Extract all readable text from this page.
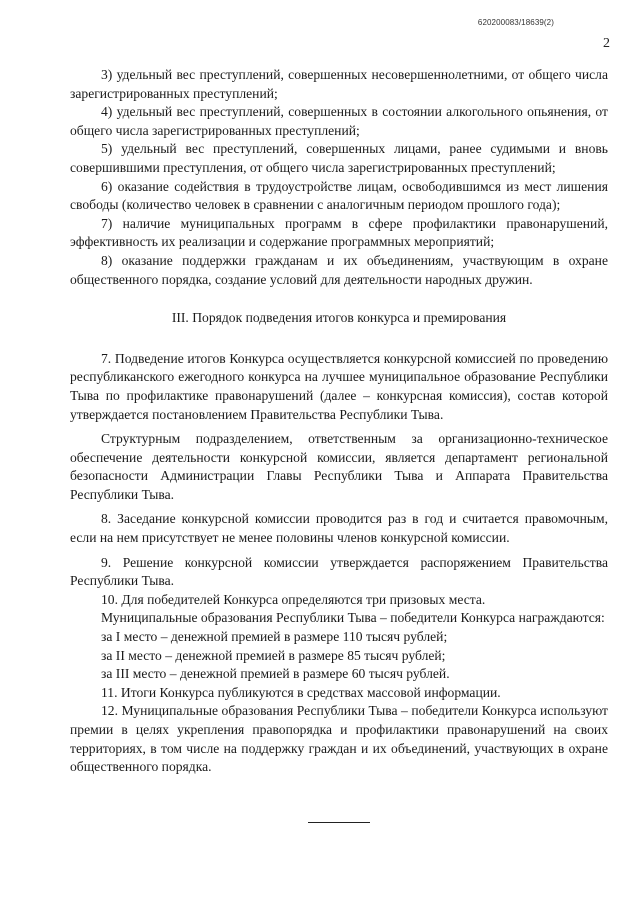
620200083/18639(2)
2

3) удельный вес преступлений, совершенных несовершеннолетними, от общего числа зарегистрированных преступлений;

4) удельный вес преступлений, совершенных в состоянии алкогольного опьянения, от общего числа зарегистрированных преступлений;

5) удельный вес преступлений, совершенных лицами, ранее судимыми и вновь совершившими преступления, от общего числа зарегистрированных преступлений;

6) оказание содействия в трудоустройстве лицам, освободившимся из мест лишения свободы (количество человек в сравнении с аналогичным периодом прошлого года);

7) наличие муниципальных программ в сфере профилактики правонарушений, эффективность их реализации и содержание программных мероприятий;

8) оказание поддержки гражданам и их объединениям, участвующим в охране общественного порядка, создание условий для деятельности народных дружин.

III. Порядок подведения итогов конкурса и премирования

7. Подведение итогов Конкурса осуществляется конкурсной комиссией по проведению республиканского ежегодного конкурса на лучшее муниципальное образование Республики Тыва по профилактике правонарушений (далее – конкурсная комиссия), состав которой утверждается постановлением Правительства Республики Тыва.

Структурным подразделением, ответственным за организационно-техническое обеспечение деятельности конкурсной комиссии, является департамент региональной безопасности Администрации Главы Республики Тыва и Аппарата Правительства Республики Тыва.

8. Заседание конкурсной комиссии проводится раз в год и считается правомочным, если на нем присутствует не менее половины членов конкурсной комиссии.

9. Решение конкурсной комиссии утверждается распоряжением Правительства Республики Тыва.

10. Для победителей Конкурса определяются три призовых места.

Муниципальные образования Республики Тыва – победители Конкурса награждаются:

за I место – денежной премией в размере 110 тысяч рублей;

за II место – денежной премией в размере 85 тысяч рублей;

за III место – денежной премией в размере 60 тысяч рублей.

11. Итоги Конкурса публикуются в средствах массовой информации.

12. Муниципальные образования Республики Тыва – победители Конкурса используют премии в целях укрепления правопорядка и профилактики правонарушений на своих территориях, в том числе на поддержку граждан и их объединений, участвующих в охране общественного порядка.
